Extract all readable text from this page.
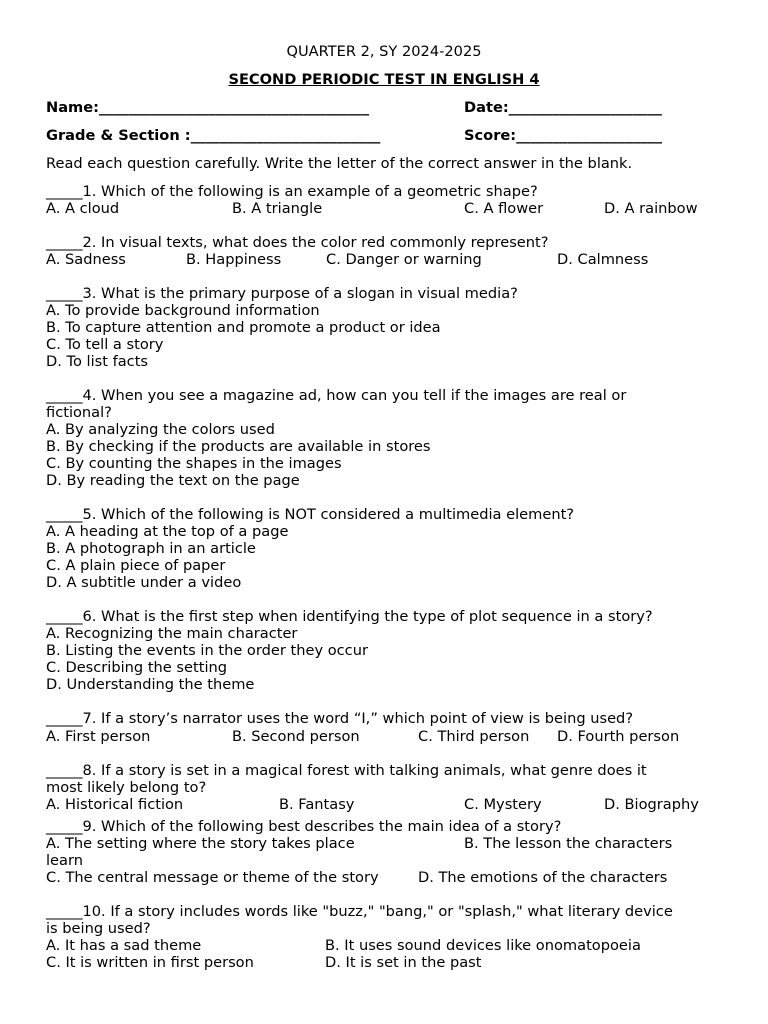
QUARTER 2, SY 2024-2025
SECOND PERIODIC TEST IN ENGLISH 4
Name:_____________________________________	Date:_____________________
Grade & Section :__________________________	Score:____________________
Read each question carefully. Write the letter of the correct answer in the blank.
_____1. Which of the following is an example of a geometric shape?
A. A cloud	B. A triangle	C. A flower	D. A rainbow
_____2. In visual texts, what does the color red commonly represent?
A. Sadness	B. Happiness	C. Danger or warning	D. Calmness
_____3. What is the primary purpose of a slogan in visual media?
A. To provide background information
B. To capture attention and promote a product or idea
C. To tell a story
D. To list facts
_____4. When you see a magazine ad, how can you tell if the images are real or
fictional?
A. By analyzing the colors used
B. By checking if the products are available in stores
C. By counting the shapes in the images
D. By reading the text on the page
_____5. Which of the following is NOT considered a multimedia element?
A. A heading at the top of a page
B. A photograph in an article
C. A plain piece of paper
D. A subtitle under a video
_____6. What is the first step when identifying the type of plot sequence in a story?
A. Recognizing the main character
B. Listing the events in the order they occur
C. Describing the setting
D. Understanding the theme
_____7. If a story’s narrator uses the word “I,” which point of view is being used?
A. First person	B. Second person	C. Third person D. Fourth person
_____8. If a story is set in a magical forest with talking animals, what genre does it
most likely belong to?
A. Historical fiction	B. Fantasy	C. Mystery	D. Biography
_____9. Which of the following best describes the main idea of a story?
A. The setting where the story takes place	B. The lesson the characters
learn
C. The central message or theme of the story	D. The emotions of the characters
_____10. If a story includes words like "buzz," "bang," or "splash," what literary device
is being used?
A. It has a sad theme	B. It uses sound devices like onomatopoeia
C. It is written in first person	D. It is set in the past
